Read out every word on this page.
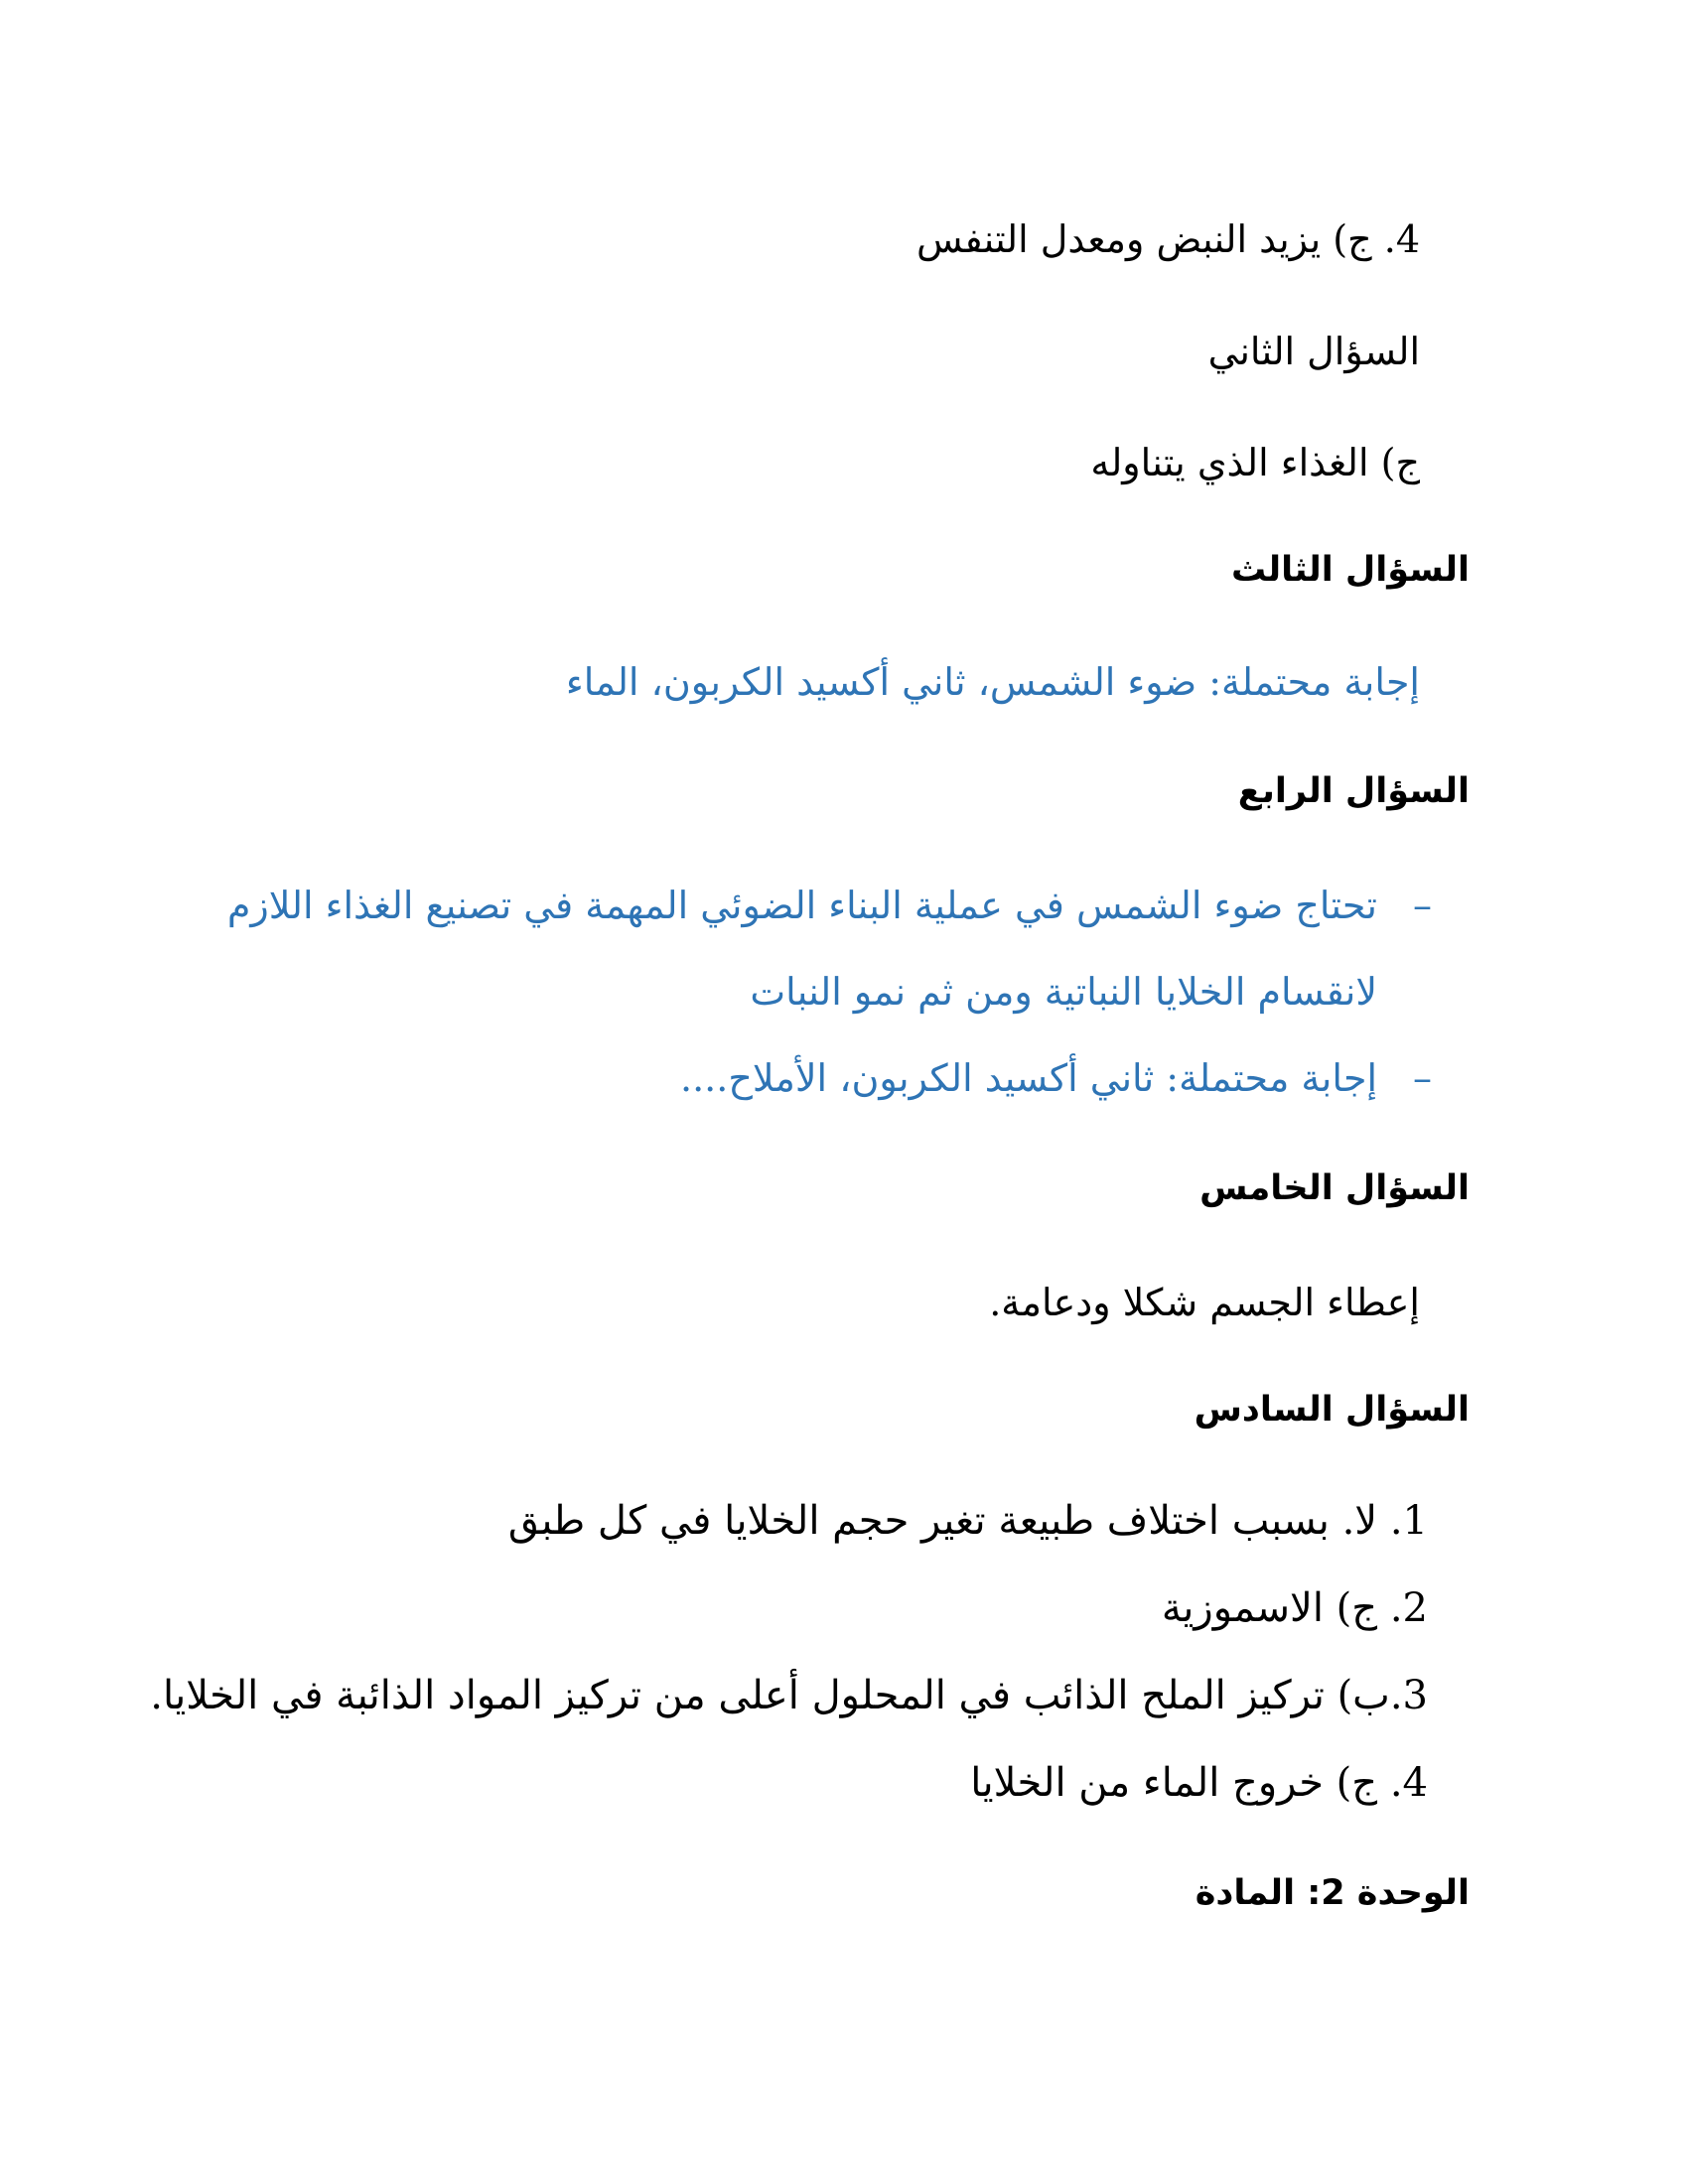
4. ج) يزيد النبض ومعدل التنفس
السؤال الثاني
ج) الغذاء الذي يتناوله
السؤال الثالث
إجابة محتملة: ضوء الشمس، ثاني أكسيد الكربون، الماء
السؤال الرابع
–تحتاج ضوء الشمس في عملية البناء الضوئي المهمة في تصنيع الغذاء اللازم
لانقسام الخلايا النباتية ومن ثم نمو النبات
–إجابة محتملة: ثاني أكسيد الكربون، الأملاح....
السؤال الخامس
إعطاء الجسم شكلا ودعامة.
السؤال السادس
1. لا. بسبب اختلاف طبيعة تغير حجم الخلايا في كل طبق
2. ج) الاسموزية
3.ب) تركيز الملح الذائب في المحلول أعلى من تركيز المواد الذائبة في الخلايا.
4. ج) خروج الماء من الخلايا
الوحدة 2: المادة
